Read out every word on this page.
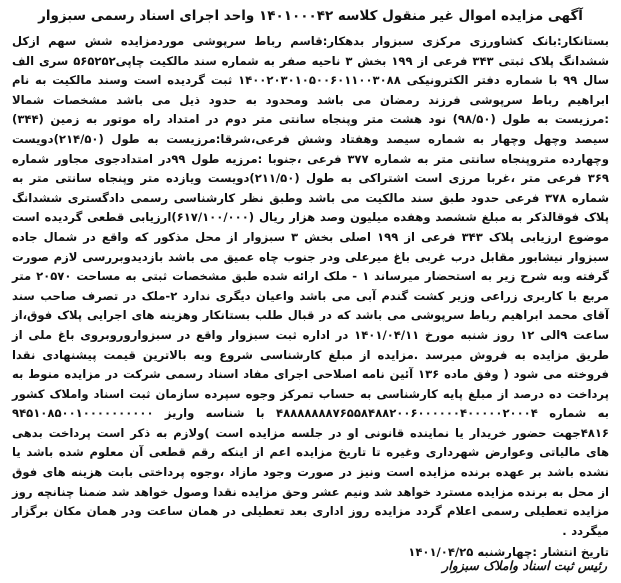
آگهی مزایده اموال غیر منقول کلاسه ۱۴۰۱۰۰۰۴۲ واحد اجرای اسناد رسمی سبزوار
بستانکار:بانک کشاورزی مرکزی سبزوار بدهکار:قاسم رباط سرپوشی موردمزایده شش سهم ازکل ششدانگ پلاک ثبتی ۳۴۳ فرعی از ۱۹۹ بخش ۳ ناحیه صفر به شماره سند مالکیت چاپی۵۶۵۲۵۲ سری الف سال ۹۹ با شماره دفتر الکترونیکی ۱۴۰۰۲۰۳۰۱۰۵۰۰۶۰۱۱۰۰۳۰۸۸ ثبت گردیده است وسند مالکیت به نام ابراهیم رباط سرپوشی فرزند رمضان می باشد ومحدود به حدود ذیل می باشد مشخصات شمالا :مرزیست به طول (۹۸/۵۰) نود هشت متر وپنجاه سانتی متر دوم در امتداد راه موتور به زمین (۳۴۴) سیصد وچهل وچهار به شماره سیصد وهفتاد وشش فرعی،شرقا:مرزیست به طول (۲۱۴/۵۰)دویست وچهارده متروپنجاه سانتی متر به شماره ۳۷۷ فرعی ،جنوبا :مرزیه طول ۹۹در امتدادجوی مجاور شماره ۳۶۹ فرعی متر ،غربا مرزی است اشتراکی به طول (۲۱۱/۵۰)دویست ویازده متر وپنجاه سانتی متر به شماره ۳۷۸ فرعی حدود طبق سند مالکیت می باشد وطبق نظر کارشناسی رسمی دادگستری ششدانگ پلاک فوقالذکر به مبلغ ششصد وهفده میلیون وصد هزار ریال (۶۱۷/۱۰۰/۰۰۰)ارزیابی قطعی گردیده است موضوع ارزیابی پلاک ۳۴۳ فرعی از ۱۹۹ اصلی بخش ۳ سبزوار از محل مذکور که واقع در شمال جاده سبزوار نیشابور مقابل درب غربی باغ میرعلی ودر جنوب چاه عمیق می باشد بازدیدوبررسی لازم صورت گرفته وبه شرح زیر به استحضار میرساند ۱ - ملک ارائه شده طبق مشخصات ثبتی به مساحت ۲۰۵۷۰ متر مربع با کاربری زراعی وزیر کشت گندم آبی می باشد واعیان دیگری ندارد ۲-ملک در تصرف صاحب سند آقای محمد ابراهیم رباط سرپوشی می باشد که در قبال طلب بستانکار وهزینه های اجرایی پلاک فوق،از ساعت ۹الی ۱۲ روز شنبه مورخ ۱۴۰۱/۰۴/۱۱ در اداره ثبت سبزوار واقع در سبزواروروبروی باغ ملی از طریق مزایده به فروش میرسد .مزایده از مبلغ کارشناسی شروع وبه بالاترین قیمت پیشنهادی نقدا فروخته می شود ( وفق ماده ۱۳۶ آئین نامه اصلاحی اجرای مفاد اسناد رسمی شرکت در مزایده منوط به پرداخت ده درصد از مبلغ پایه کارشناسی به حساب تمرکز وجوه سپرده سازمان ثبت اسناد واملاک کشور به شماره ۴۸۸۸۸۸۸۸۷۶۵۵۸۴۸۸۲۰۰۶۰۰۰۰۰۰۴۰۰۰۰۰۲۰۰۰۴ با شناسه واریز ۹۴۵۱۰۸۵۰۰۱۰۰۰۰۰۰۰۰۰۰ ۴۸۱۶جهت حضور خریدار یا نماینده قانونی او در جلسه مزایده است )ولازم به ذکر است پرداخت بدهی های مالیاتی وعوارض شهرداری وغیره تا تاریخ مزایده اعم از اینکه رقم قطعی آن معلوم شده باشد یا نشده باشد بر عهده برنده مزایده است ونیز در صورت وجود مازاد ،وجوه پرداختی بابت هزینه های فوق از محل به برنده مزایده مسترد خواهد شد ونیم عشر وحق مزایده نقدا وصول خواهد شد ضمنا چنانچه روز مزایده تعطیلی رسمی اعلام گردد مزایده روز اداری بعد تعطیلی در همان ساعت ودر همان مکان برگزار میگردد .
تاریخ انتشار :چهارشنبه ۱۴۰۱/۰۴/۲۵
رئیس ثبت اسناد واملاک سبزوار
